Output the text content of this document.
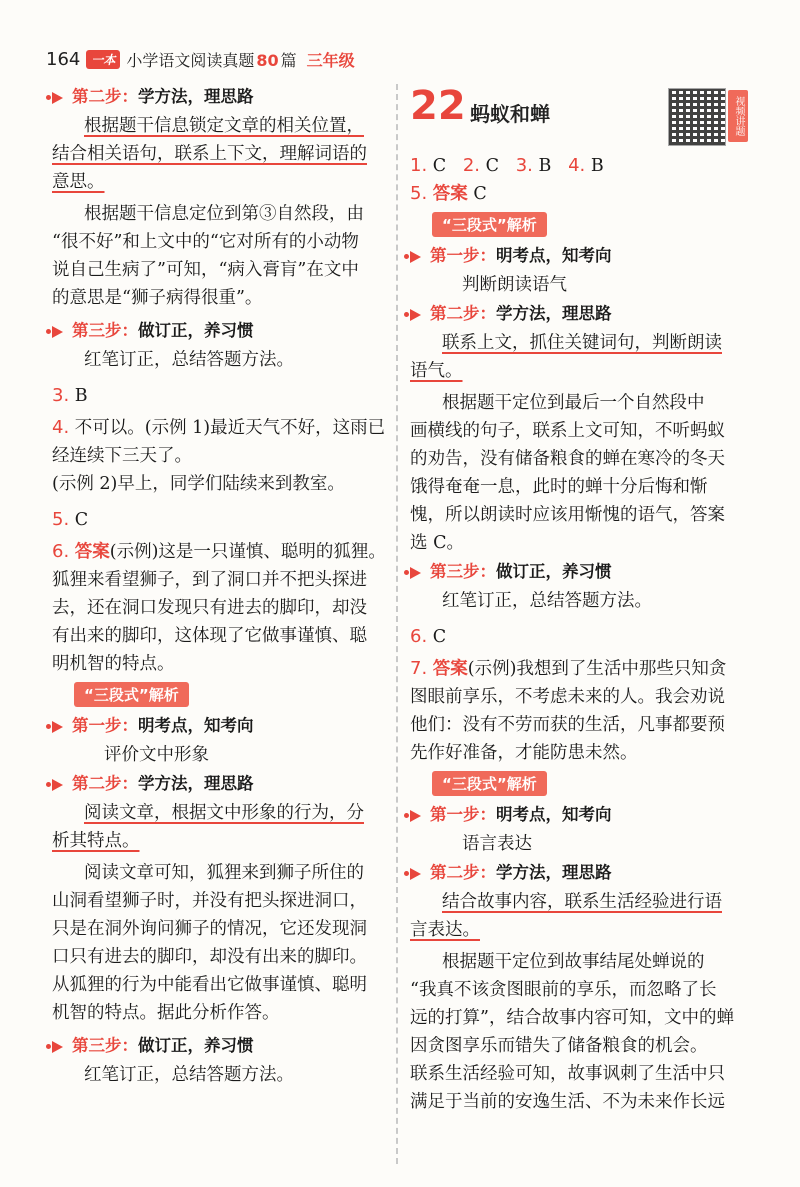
164 一本 小学语文阅读真题 80 篇 三年级
第二步：学方法，理思路
根据题干信息锁定文章的相关位置，
结合相关语句，联系上下文，理解词语的
意思。
根据题干信息定位到第③自然段，由
“很不好”和上文中的“它对所有的小动物
说自己生病了”可知，“病入膏肓”在文中
的意思是“狮子病得很重”。
第三步：做订正，养习惯
红笔订正，总结答题方法。
3. B
4. 不可以。(示例 1)最近天气不好，这雨已
经连续下三天了。
(示例 2)早上，同学们陆续来到教室。
5. C
6. 答案(示例)这是一只谨慎、聪明的狐狸。
狐狸来看望狮子，到了洞口并不把头探进
去，还在洞口发现只有进去的脚印，却没
有出来的脚印，这体现了它做事谨慎、聪
明机智的特点。
“三段式”解析
第一步：明考点，知考向
评价文中形象
第二步：学方法，理思路
阅读文章，根据文中形象的行为，分
析其特点。
阅读文章可知，狐狸来到狮子所住的
山洞看望狮子时，并没有把头探进洞口，
只是在洞外询问狮子的情况，它还发现洞
口只有进去的脚印，却没有出来的脚印。
从狐狸的行为中能看出它做事谨慎、聪明
机智的特点。据此分析作答。
第三步：做订正，养习惯
红笔订正，总结答题方法。
22 蚂蚁和蝉	视频讲题
1. C 2. C 3. B 4. B
5. 答案 C
“三段式”解析
第一步：明考点，知考向
判断朗读语气
第二步：学方法，理思路
联系上文，抓住关键词句，判断朗读
语气。
根据题干定位到最后一个自然段中
画横线的句子，联系上文可知，不听蚂蚁
的劝告，没有储备粮食的蝉在寒冷的冬天
饿得奄奄一息，此时的蝉十分后悔和惭
愧，所以朗读时应该用惭愧的语气，答案
选 C。
第三步：做订正，养习惯
红笔订正，总结答题方法。
6. C
7. 答案(示例)我想到了生活中那些只知贪
图眼前享乐，不考虑未来的人。我会劝说
他们：没有不劳而获的生活，凡事都要预
先作好准备，才能防患未然。
“三段式”解析
第一步：明考点，知考向
语言表达
第二步：学方法，理思路
结合故事内容，联系生活经验进行语
言表达。
根据题干定位到故事结尾处蝉说的
“我真不该贪图眼前的享乐，而忽略了长
远的打算”，结合故事内容可知，文中的蝉
因贪图享乐而错失了储备粮食的机会。
联系生活经验可知，故事讽刺了生活中只
满足于当前的安逸生活、不为未来作长远
